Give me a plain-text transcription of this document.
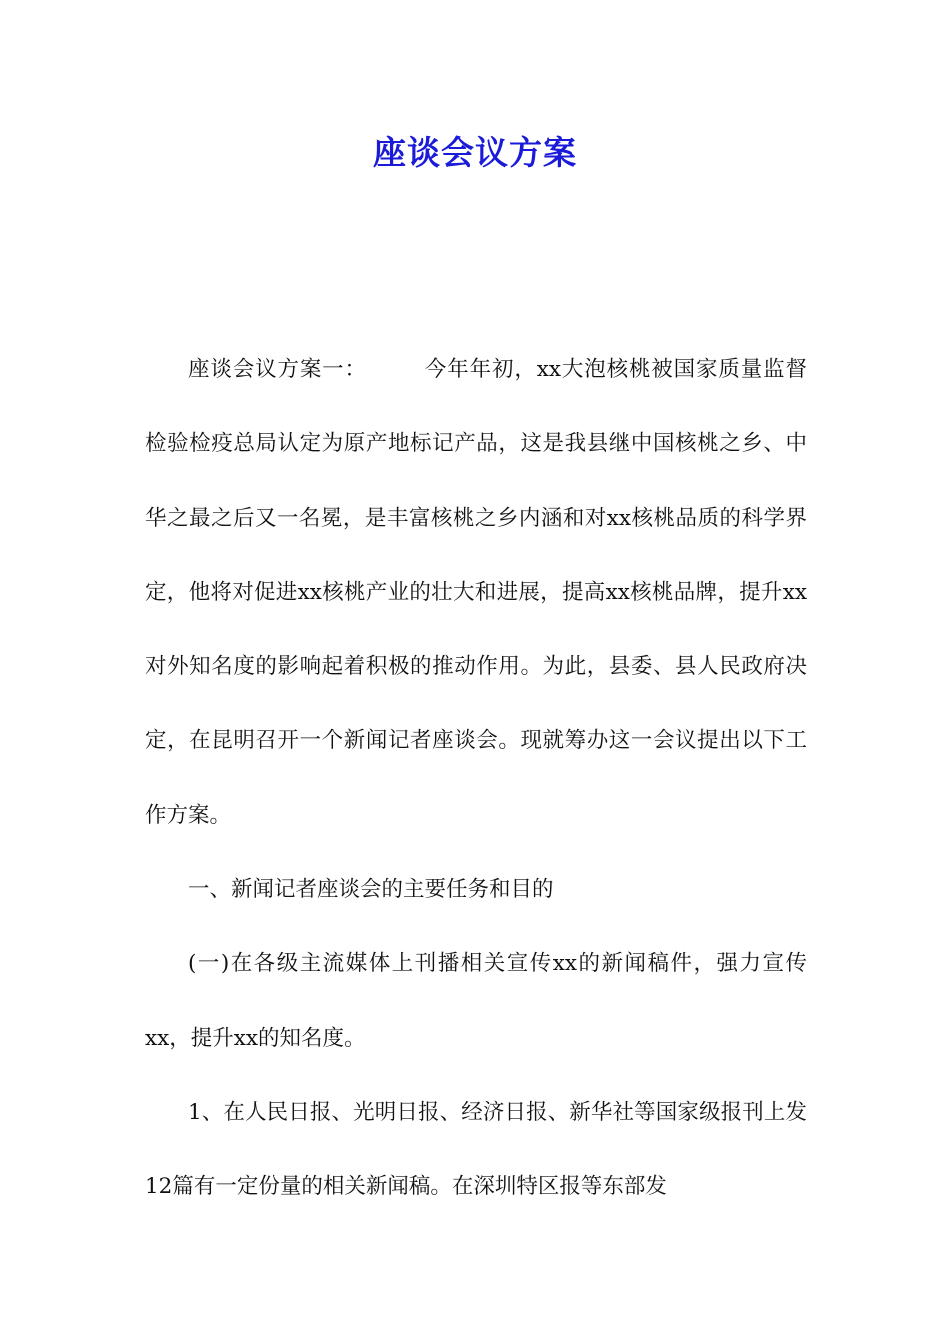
座谈会议方案

座谈会议方案一：	今年年初，xx大泡核桃被国家质量监督检验检疫总局认定为原产地标记产品，这是我县继中国核桃之乡、中华之最之后又一名冕，是丰富核桃之乡内涵和对xx核桃品质的科学界定，他将对促进xx核桃产业的壮大和进展，提高xx核桃品牌，提升xx对外知名度的影响起着积极的推动作用。为此，县委、县人民政府决定，在昆明召开一个新闻记者座谈会。现就筹办这一会议提出以下工作方案。

一、新闻记者座谈会的主要任务和目的

(一)在各级主流媒体上刊播相关宣传xx的新闻稿件，强力宣传xx，提升xx的知名度。

1、在人民日报、光明日报、经济日报、新华社等国家级报刊上发12篇有一定份量的相关新闻稿。在深圳特区报等东部发
